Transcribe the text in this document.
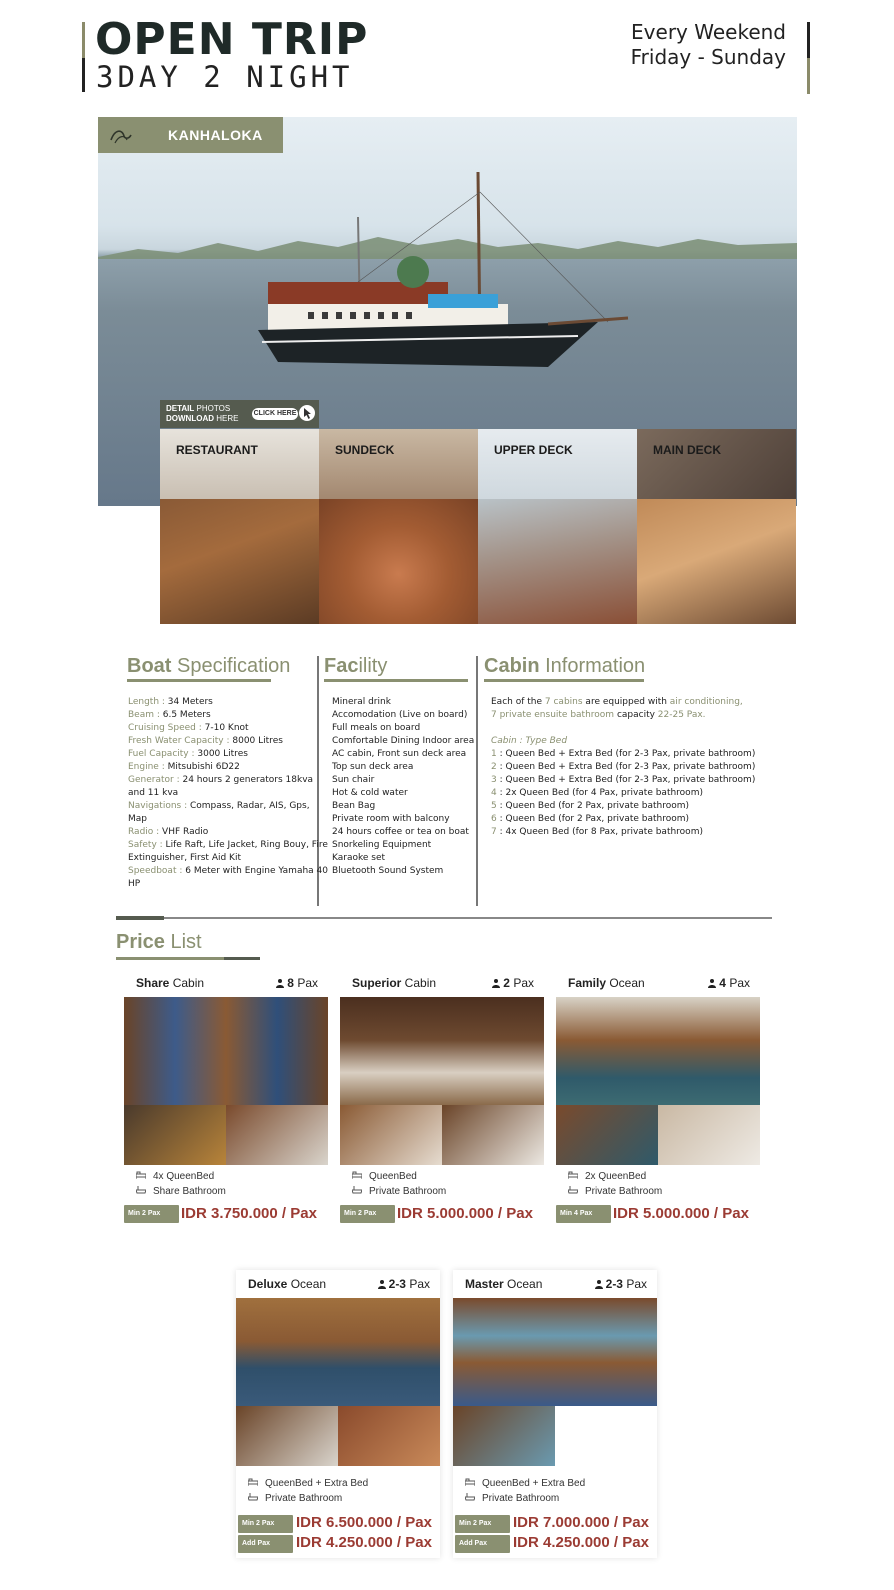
OPEN TRIP
3DAY 2 NIGHT
Every Weekend
Friday - Sunday
KANHALOKA
DETAIL PHOTOS
DOWNLOAD HERE
CLICK HERE
RESTAURANT	SUNDECK	UPPER DECK	MAIN DECK
Boat Specification Facility	Cabin Information
Length : 34 Meters
Beam : 6.5 Meters
Cruising Speed : 7-10 Knot
Fresh Water Capacity : 8000 Litres
Fuel Capacity : 3000 Litres
Engine : Mitsubishi 6D22
Generator : 24 hours 2 generators 18kva and 11 kva
Navigations : Compass, Radar, AIS, Gps, Map
Radio : VHF Radio
Safety : Life Raft, Life Jacket, Ring Bouy, Fire Extinguisher, First Aid Kit
Speedboat : 6 Meter with Engine Yamaha 40 HP
Mineral drink
Accomodation (Live on board)
Full meals on board
Comfortable Dining Indoor area
AC cabin, Front sun deck area
Top sun deck area
Sun chair
Hot & cold water
Bean Bag
Private room with balcony
24 hours coffee or tea on boat
Snorkeling Equipment
Karaoke set
Bluetooth Sound System
Each of the 7 cabins are equipped with air conditioning,
7 private ensuite bathroom capacity 22-25 Pax.
Cabin : Type Bed
1 : Queen Bed + Extra Bed (for 2-3 Pax, private bathroom)
2 : Queen Bed + Extra Bed (for 2-3 Pax, private bathroom)
3 : Queen Bed + Extra Bed (for 2-3 Pax, private bathroom)
4 : 2x Queen Bed (for 4 Pax, private bathroom)
5 : Queen Bed (for 2 Pax, private bathroom)
6 : Queen Bed (for 2 Pax, private bathroom)
7 : 4x Queen Bed (for 8 Pax, private bathroom)
Price List
Share Cabin	8 Pax
4x QueenBed
Share Bathroom
Min 2 Pax	IDR 3.750.000 / Pax
Superior Cabin	2 Pax
QueenBed
Private Bathroom
Min 2 Pax	IDR 5.000.000 / Pax
Family Ocean	4 Pax
2x QueenBed
Private Bathroom
Min 4 Pax	IDR 5.000.000 / Pax
Deluxe Ocean	2-3 Pax
QueenBed + Extra Bed
Private Bathroom
Min 2 Pax	IDR 6.500.000 / Pax
Add Pax	IDR 4.250.000 / Pax
Master Ocean	2-3 Pax
QueenBed + Extra Bed
Private Bathroom
Min 2 Pax	IDR 7.000.000 / Pax
Add Pax	IDR 4.250.000 / Pax
